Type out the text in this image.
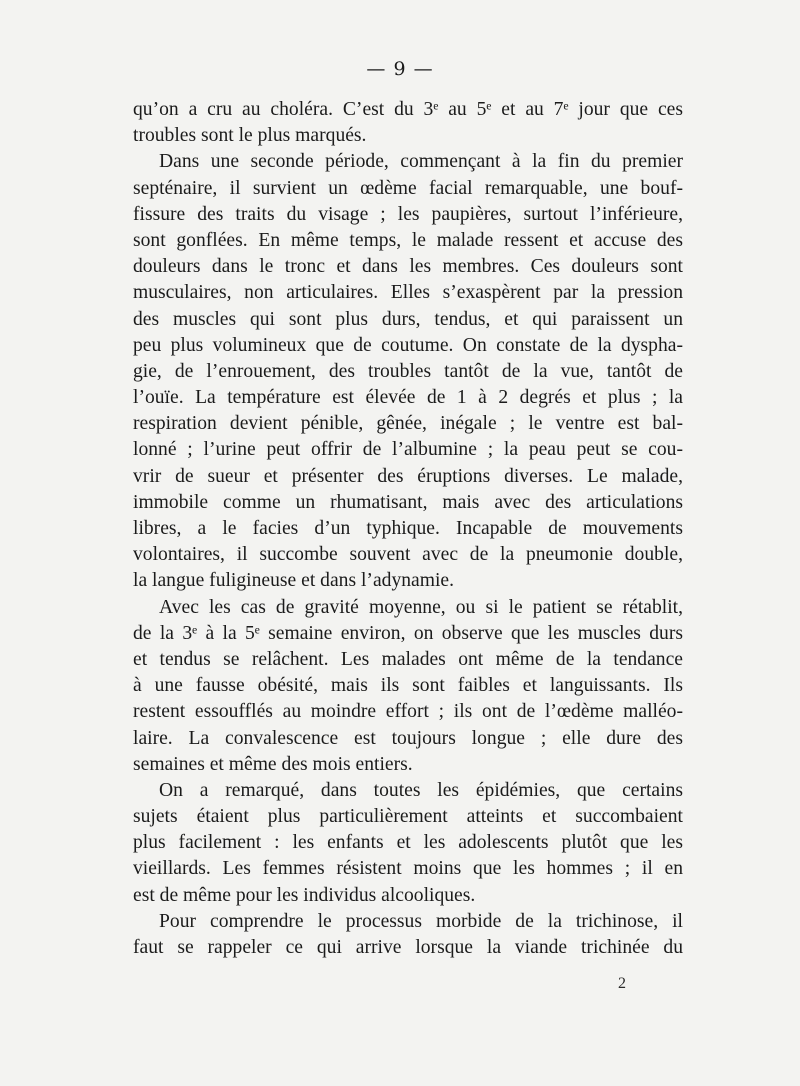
— 9 —

qu’on a cru au choléra. C’est du 3ᵉ au 5ᵉ et au 7ᵉ jour que ces
troubles sont le plus marqués.

Dans une seconde période, commençant à la fin du premier
septénaire, il survient un œdème facial remarquable, une bouf-
fissure des traits du visage ; les paupières, surtout l’inférieure,
sont gonflées. En même temps, le malade ressent et accuse des
douleurs dans le tronc et dans les membres. Ces douleurs sont
musculaires, non articulaires. Elles s’exaspèrent par la pression
des muscles qui sont plus durs, tendus, et qui paraissent un
peu plus volumineux que de coutume. On constate de la dyspha-
gie, de l’enrouement, des troubles tantôt de la vue, tantôt de
l’ouïe. La température est élevée de 1 à 2 degrés et plus ; la
respiration devient pénible, gênée, inégale ; le ventre est bal-
lonné ; l’urine peut offrir de l’albumine ; la peau peut se cou-
vrir de sueur et présenter des éruptions diverses. Le malade,
immobile comme un rhumatisant, mais avec des articulations
libres, a le facies d’un typhique. Incapable de mouvements
volontaires, il succombe souvent avec de la pneumonie double,
la langue fuligineuse et dans l’adynamie.

Avec les cas de gravité moyenne, ou si le patient se rétablit,
de la 3ᵉ à la 5ᵉ semaine environ, on observe que les muscles durs
et tendus se relâchent. Les malades ont même de la tendance
à une fausse obésité, mais ils sont faibles et languissants. Ils
restent essoufflés au moindre effort ; ils ont de l’œdème malléo-
laire. La convalescence est toujours longue ; elle dure des
semaines et même des mois entiers.

On a remarqué, dans toutes les épidémies, que certains
sujets étaient plus particulièrement atteints et succombaient
plus facilement : les enfants et les adolescents plutôt que les
vieillards. Les femmes résistent moins que les hommes ; il en
est de même pour les individus alcooliques.

Pour comprendre le processus morbide de la trichinose, il
faut se rappeler ce qui arrive lorsque la viande trichinée du

2
